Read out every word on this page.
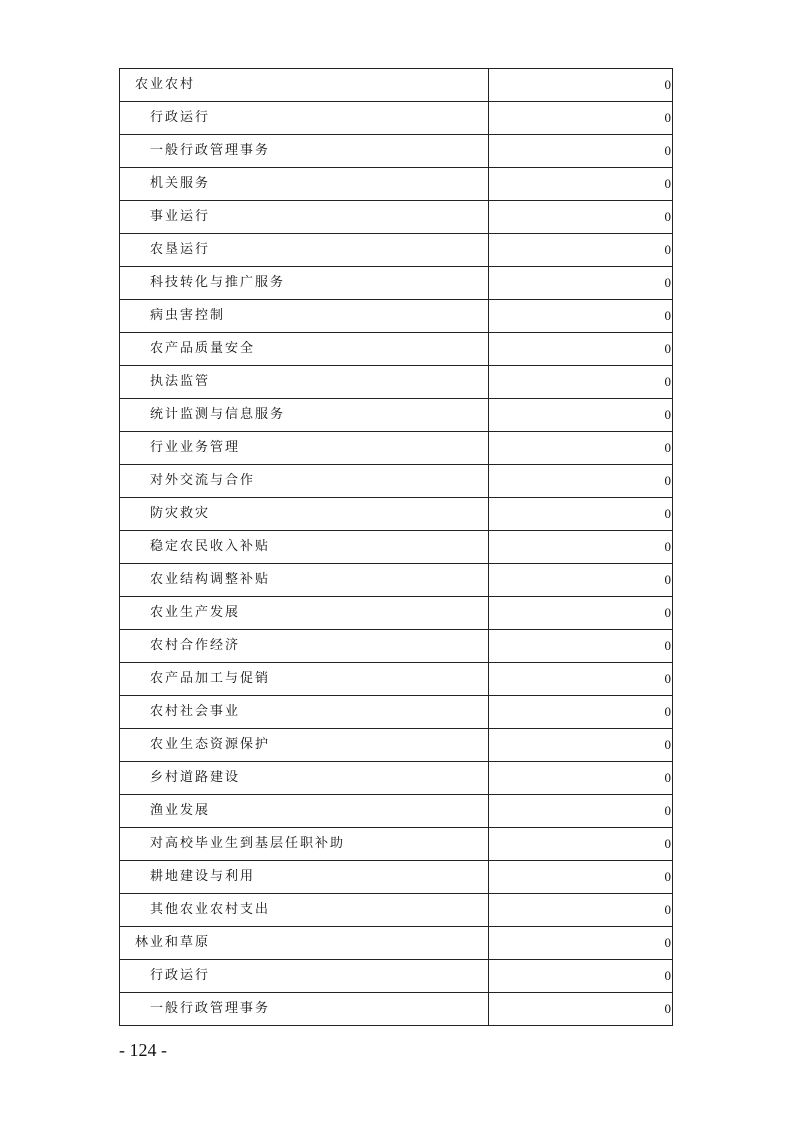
农业农村	0
行政运行	0
一般行政管理事务	0
机关服务	0
事业运行	0
农垦运行	0
科技转化与推广服务	0
病虫害控制	0
农产品质量安全	0
执法监管	0
统计监测与信息服务	0
行业业务管理	0
对外交流与合作	0
防灾救灾	0
稳定农民收入补贴	0
农业结构调整补贴	0
农业生产发展	0
农村合作经济	0
农产品加工与促销	0
农村社会事业	0
农业生态资源保护	0
乡村道路建设	0
渔业发展	0
对高校毕业生到基层任职补助	0
耕地建设与利用	0
其他农业农村支出	0
林业和草原	0
行政运行	0
一般行政管理事务	0
- 124 -
